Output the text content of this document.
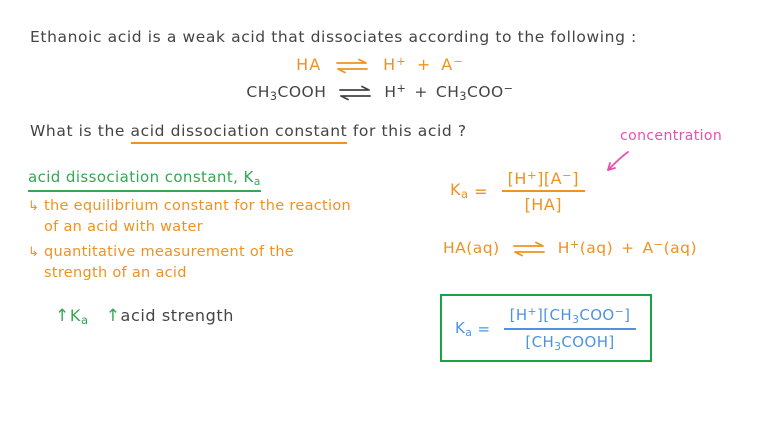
Ethanoic acid is a weak acid that dissociates according to the following :
HA ⇌ H+ + A−
$CH_3COOH$ ⇌ $H^+ + CH_3COO^-$
What is the acid dissociation constant for this acid ?
acid dissociation constant, $K_a$
↳ the equilibrium constant for the reaction of an acid with water
↳ quantitative measurement of the strength of an acid
$↑K_a$ ↑acid strength
concentration
$K_a = \frac{[H^+][A^-]}{[HA]}$
HA(aq) ⇌ H+(aq) + A−(aq)
$K_a = \frac{[H^+][CH_3COO^-]}{[CH_3COOH]}$
